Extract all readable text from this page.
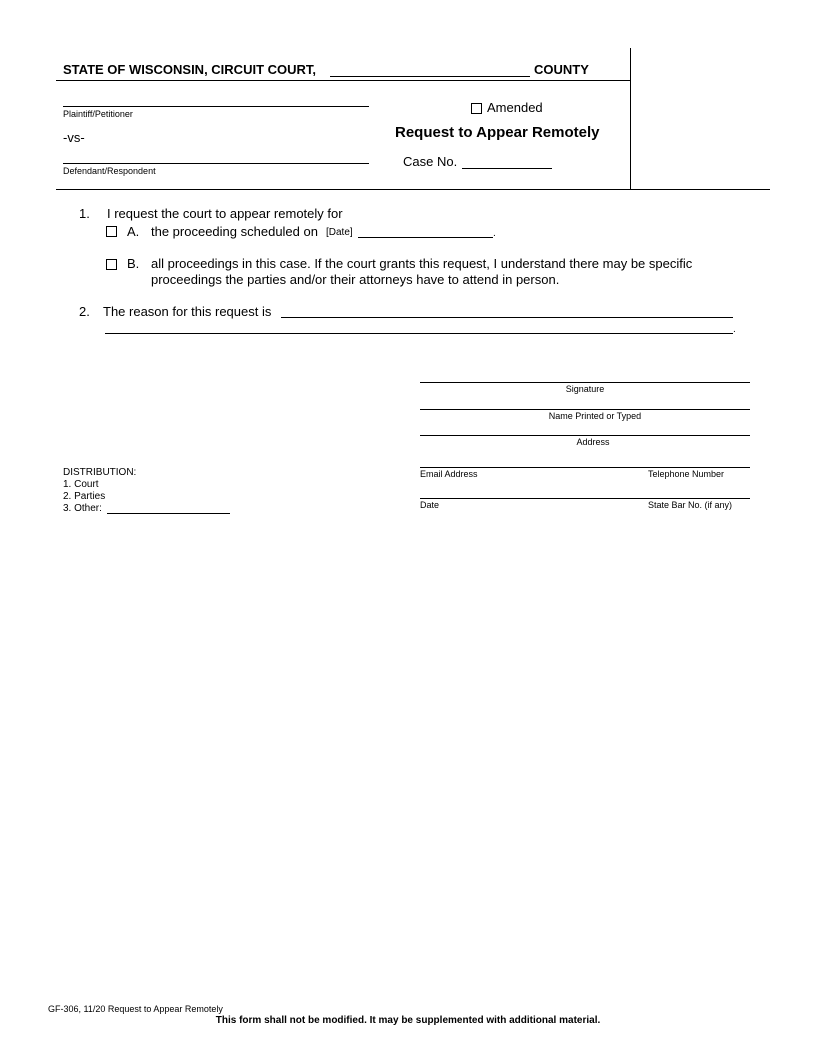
STATE OF WISCONSIN, CIRCUIT COURT,	COUNTY
Plaintiff/Petitioner
-vs-
Defendant/Respondent
Amended
Request to Appear Remotely
Case No.
1. I request the court to appear remotely for
A. the proceeding scheduled on [Date]	.
B. all proceedings in this case. If the court grants this request, I understand there may be specific
proceedings the parties and/or their attorneys have to attend in person.
2. The reason for this request is
.
Signature
Name Printed or Typed
Address
Email Address	Telephone Number
Date	State Bar No. (if any)
DISTRIBUTION:
1. Court
2. Parties
3. Other:
GF-306, 11/20 Request to Appear Remotely
This form shall not be modified. It may be supplemented with additional material.
